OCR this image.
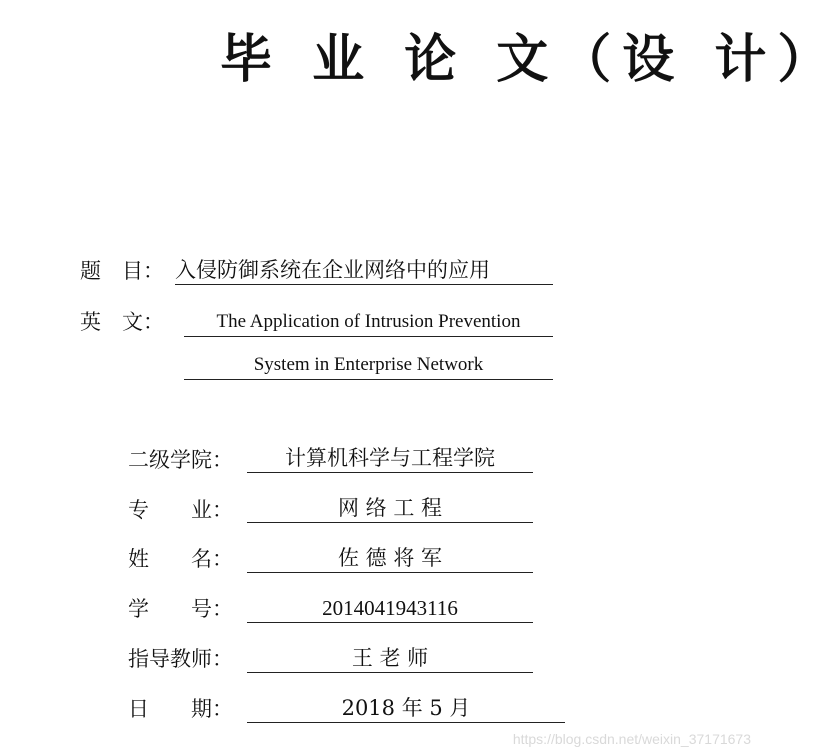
毕 业 论 文（设 计）
题　目： 入侵防御系统在企业网络中的应用
英　文：	The Application of Intrusion Prevention
System in Enterprise Network
二级学院：	计算机科学与工程学院
专　　业：	网 络 工 程
姓　　名：	佐 德 将 军
学　　号：	2014041943116
指导教师：	王 老 师
日　　期：	2018 年 5 月
https://blog.csdn.net/weixin_37171673
